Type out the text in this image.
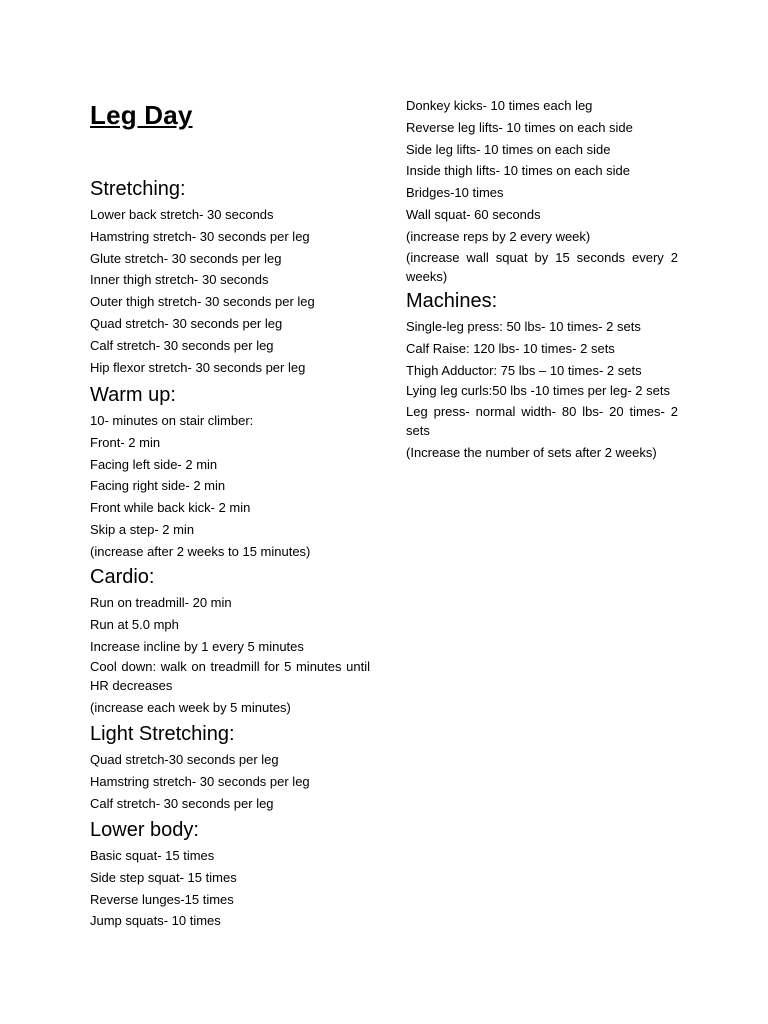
Leg Day
Stretching:
Lower back stretch- 30 seconds
Hamstring stretch- 30 seconds per leg
Glute stretch- 30 seconds per leg
Inner thigh stretch- 30 seconds
Outer thigh stretch- 30 seconds per leg
Quad stretch- 30 seconds per leg
Calf stretch- 30 seconds per leg
Hip flexor stretch- 30 seconds per leg
Warm up:
10- minutes on stair climber:
Front- 2 min
Facing left side- 2 min
Facing right side- 2 min
Front while back kick- 2 min
Skip a step- 2 min
(increase after 2 weeks to 15 minutes)
Cardio:
Run on treadmill- 20 min
Run at 5.0 mph
Increase incline by 1 every 5 minutes
Cool down: walk on treadmill for 5 minutes until HR decreases
(increase each week by 5 minutes)
Light Stretching:
Quad stretch-30 seconds per leg
Hamstring stretch- 30 seconds per leg
Calf stretch- 30 seconds per leg
Lower body:
Basic squat- 15 times
Side step squat- 15 times
Reverse lunges-15 times
Jump squats- 10 times
Donkey kicks- 10 times each leg
Reverse leg lifts- 10 times on each side
Side leg lifts- 10 times on each side
Inside thigh lifts- 10 times on each side
Bridges-10 times
Wall squat- 60 seconds
(increase reps by 2 every week)
(increase wall squat by 15 seconds every 2 weeks)
Machines:
Single-leg press: 50 lbs- 10 times- 2 sets
Calf Raise: 120 lbs- 10 times- 2 sets
Thigh Adductor: 75 lbs – 10 times- 2 sets
Lying leg curls:50 lbs -10 times per leg- 2 sets
Leg press- normal width- 80 lbs- 20 times- 2 sets
(Increase the number of sets after 2 weeks)
